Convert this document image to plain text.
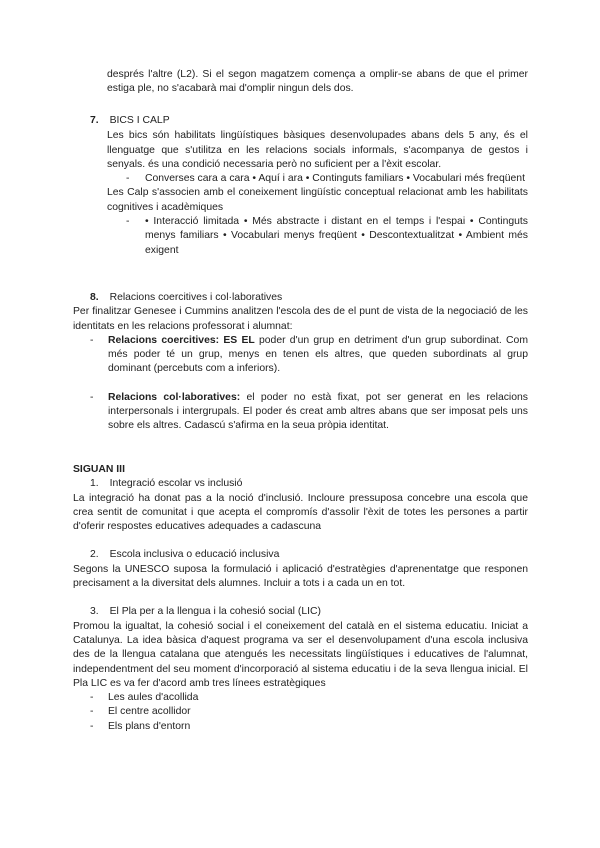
després l'altre (L2). Si el segon magatzem comença a omplir-se abans de que el primer estiga ple, no s'acabarà mai d'omplir ningun dels dos.

7. BICS I CALP

Les bics són habilitats lingüístiques bàsiques desenvolupades abans dels 5 any, és el llenguatge que s'utilitza en les relacions socials informals, s'acompanya de gestos i senyals. és una condició necessaria però no suficient per a l'èxit escolar.

- Converses cara a cara • Aquí i ara • Continguts familiars • Vocabulari més freqüent

Les Calp s'associen amb el coneixement lingüístic conceptual relacionat amb les habilitats cognitives i acadèmiques

- • Interacció limitada • Més abstracte i distant en el temps i l'espai • Continguts menys familiars • Vocabulari menys freqüent • Descontextualitzat • Ambient més exigent

8. Relacions coercitives i col·laboratives

Per finalitzar Genesee i Cummins analitzen l'escola des de el punt de vista de la negociació de les identitats en les relacions professorat i alumnat:

- Relacions coercitives: ES EL poder d'un grup en detriment d'un grup subordinat. Com més poder té un grup, menys en tenen els altres, que queden subordinats al grup dominant (percebuts com a inferiors).

- Relacions col·laboratives: el poder no està fixat, pot ser generat en les relacions interpersonals i intergrupals. El poder és creat amb altres abans que ser imposat pels uns sobre els altres. Cadascú s'afirma en la seua pròpia identitat.

SIGUAN III

1. Integració escolar vs inclusió

La integració ha donat pas a la noció d'inclusió. Incloure pressuposa concebre una escola que crea sentit de comunitat i que acepta el compromís d'assolir l'èxit de totes les persones a partir d'oferir respostes educatives adequades a cadascuna

2. Escola inclusiva o educació inclusiva

Segons la UNESCO suposa la formulació i aplicació d'estratègies d'aprenentatge que responen precisament a la diversitat dels alumnes. Incluir a tots i a cada un en tot.

3. El Pla per a la llengua i la cohesió social (LIC)

Promou la igualtat, la cohesió social i el coneixement del català en el sistema educatiu. Iniciat a Catalunya. La idea bàsica d'aquest programa va ser el desenvolupament d'una escola inclusiva des de la llengua catalana que atengués les necessitats lingüístiques i educatives de l'alumnat, independentment del seu moment d'incorporació al sistema educatiu i de la seva llengua inicial. El Pla LIC es va fer d'acord amb tres línees estratègiques

- Les aules d'acollida

- El centre acollidor

- Els plans d'entorn
